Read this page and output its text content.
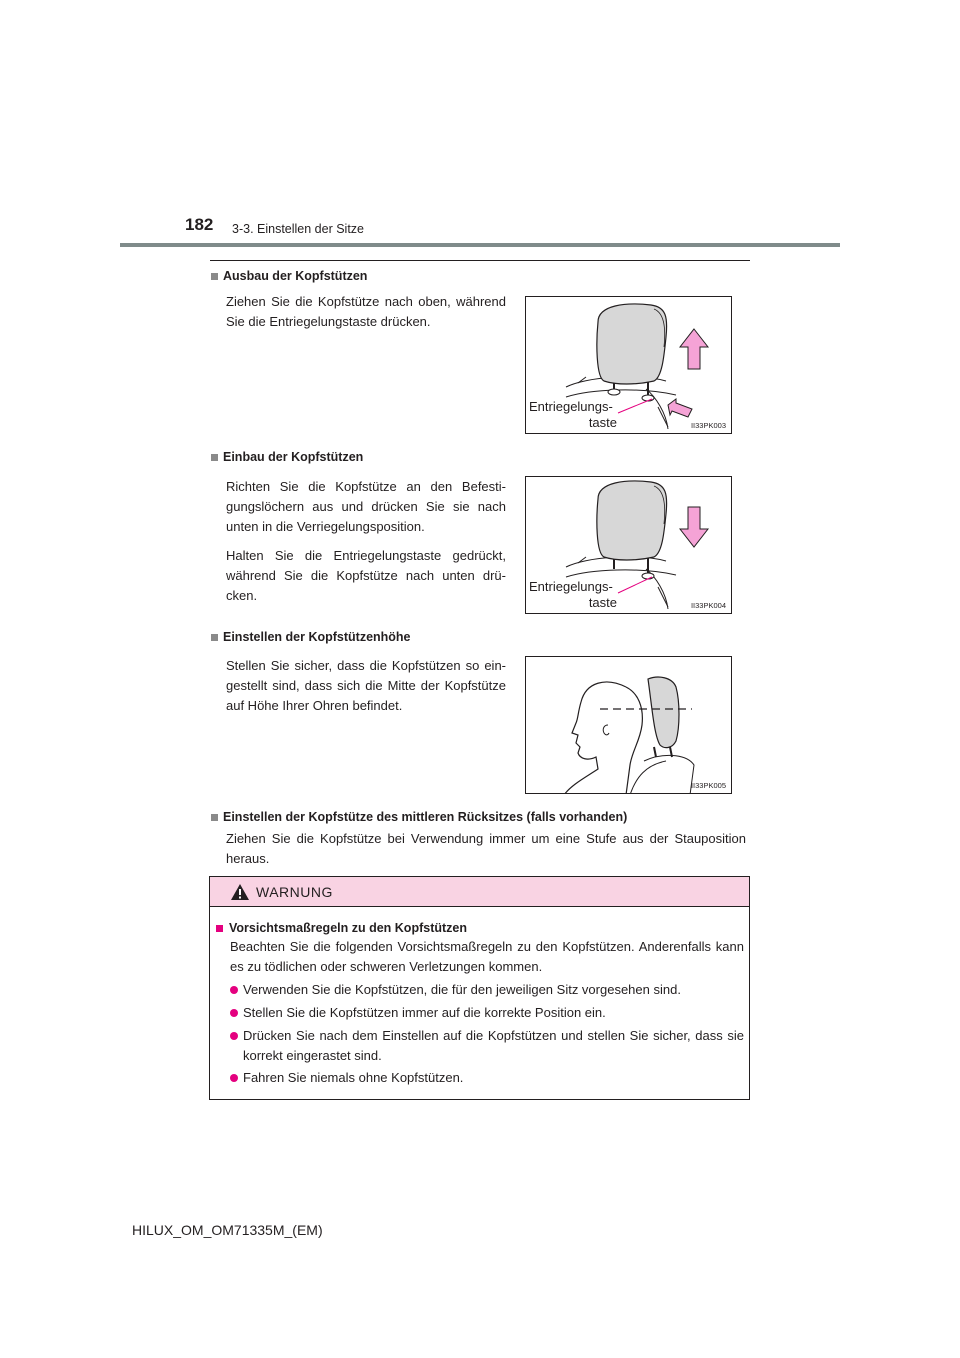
182 3-3. Einstellen der Sitze
Ausbau der Kopfstützen
Ziehen Sie die Kopfstütze nach oben, während Sie die Entriegelungstaste drücken.
Entriegelungs-
taste	II33PK003
Einbau der Kopfstützen
Richten Sie die Kopfstütze an den Befesti- gungslöchern aus und drücken Sie sie nach unten in die Verriegelungsposition.
Halten Sie die Entriegelungstaste gedrückt, während Sie die Kopfstütze nach unten drü- cken.
Entriegelungs-
taste	II33PK004
Einstellen der Kopfstützenhöhe
Stellen Sie sicher, dass die Kopfstützen so ein- gestellt sind, dass sich die Mitte der Kopfstütze auf Höhe Ihrer Ohren befindet.
II33PK005
Einstellen der Kopfstütze des mittleren Rücksitzes (falls vorhanden)
Ziehen Sie die Kopfstütze bei Verwendung immer um eine Stufe aus der Stauposition heraus.
WARNUNG
Vorsichtsmaßregeln zu den Kopfstützen
Beachten Sie die folgenden Vorsichtsmaßregeln zu den Kopfstützen. Anderenfalls kann es zu tödlichen oder schweren Verletzungen kommen.
Verwenden Sie die Kopfstützen, die für den jeweiligen Sitz vorgesehen sind.
Stellen Sie die Kopfstützen immer auf die korrekte Position ein.
Drücken Sie nach dem Einstellen auf die Kopfstützen und stellen Sie sicher, dass sie korrekt eingerastet sind.
Fahren Sie niemals ohne Kopfstützen.
HILUX_OM_OM71335M_(EM)
